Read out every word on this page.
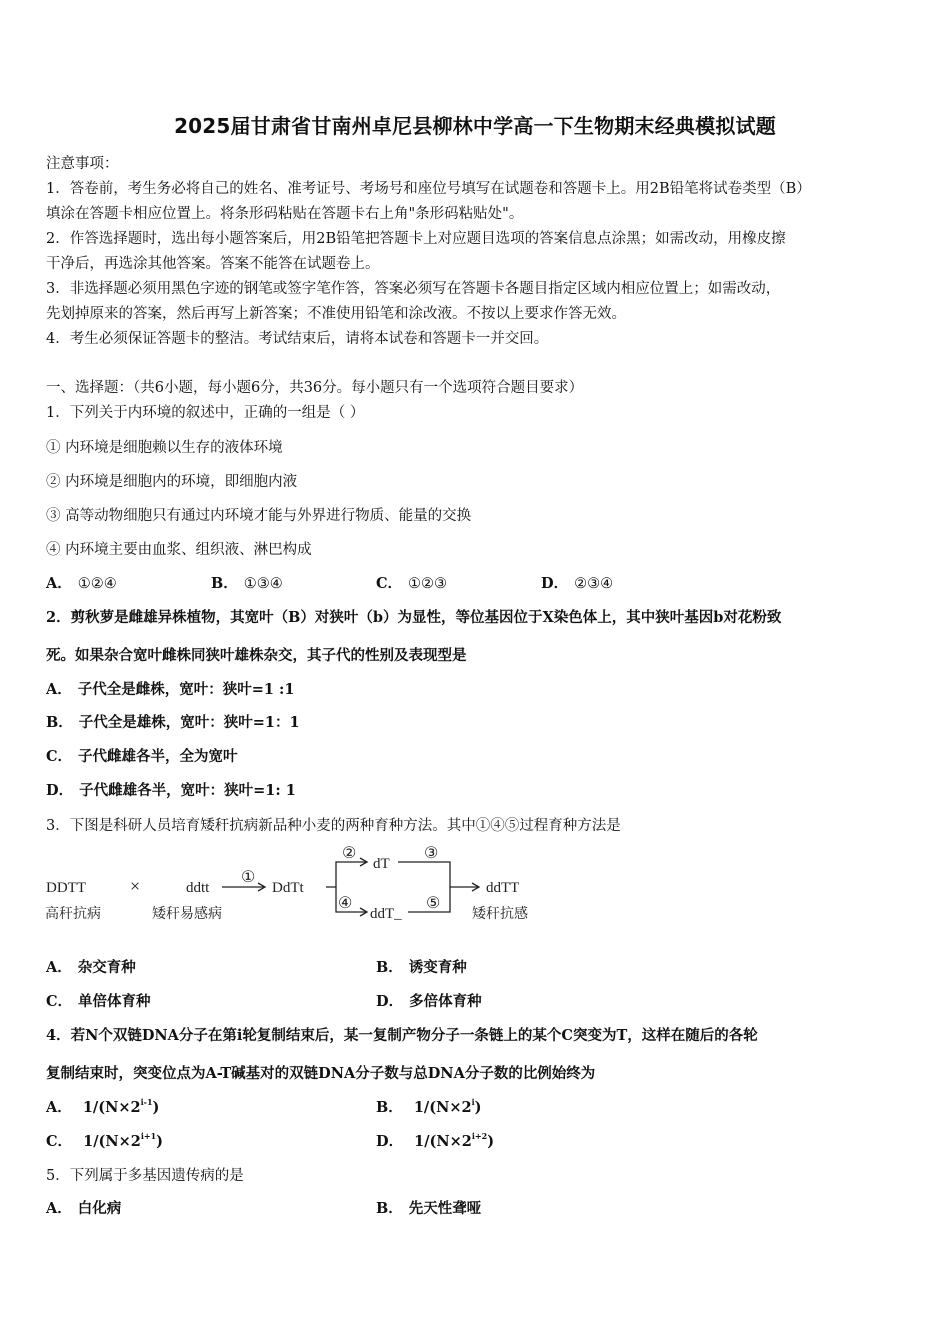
2025届甘肃省甘南州卓尼县柳林中学高一下生物期末经典模拟试题
注意事项：
1．答卷前，考生务必将自己的姓名、准考证号、考场号和座位号填写在试题卷和答题卡上。用2B铅笔将试卷类型（B）
填涂在答题卡相应位置上。将条形码粘贴在答题卡右上角"条形码粘贴处"。
2．作答选择题时，选出每小题答案后，用2B铅笔把答题卡上对应题目选项的答案信息点涂黑；如需改动，用橡皮擦
干净后，再选涂其他答案。答案不能答在试题卷上。
3．非选择题必须用黑色字迹的钢笔或签字笔作答，答案必须写在答题卡各题目指定区域内相应位置上；如需改动，
先划掉原来的答案，然后再写上新答案；不准使用铅笔和涂改液。不按以上要求作答无效。
4．考生必须保证答题卡的整洁。考试结束后，请将本试卷和答题卡一并交回。
一、选择题：（共6小题，每小题6分，共36分。每小题只有一个选项符合题目要求）
1．下列关于内环境的叙述中，正确的一组是（ ）
① 内环境是细胞赖以生存的液体环境
② 内环境是细胞内的环境，即细胞内液
③ 高等动物细胞只有通过内环境才能与外界进行物质、能量的交换
④ 内环境主要由血浆、组织液、淋巴构成
A． ①②④	B． ①③④	C． ①②③	D． ②③④
2．剪秋萝是雌雄异株植物，其宽叶（B）对狭叶（b）为显性，等位基因位于X染色体上，其中狭叶基因b对花粉致
死。如果杂合宽叶雌株同狭叶雄株杂交，其子代的性别及表现型是
A． 子代全是雌株，宽叶：狭叶=1 :1
B． 子代全是雄株，宽叶：狭叶=1：1
C． 子代雌雄各半，全为宽叶
D． 子代雌雄各半，宽叶：狭叶=1: 1
3．下图是科研人员培育矮秆抗病新品种小麦的两种育种方法。其中①④⑤过程育种方法是
DDTT
高秆抗病
×	ddtt
矮秆易感病
①
DdTt
②
dT
③
④
ddT_
⑤
ddTT
矮秆抗感
A． 杂交育种	B． 诱变育种
C． 单倍体育种	D． 多倍体育种
4．若N个双链DNA分子在第i轮复制结束后，某一复制产物分子一条链上的某个C突变为T，这样在随后的各轮
复制结束时，突变位点为A-T碱基对的双链DNA分子数与总DNA分子数的比例始终为
A． $1/(N\times 2^{i-1})$	B． $1/(N\times 2^i)$
C． $1/(N\times 2^{i+1})$	D． $1/(N\times 2^{i+2})$
5．下列属于多基因遗传病的是
A． 白化病	B． 先天性聋哑
